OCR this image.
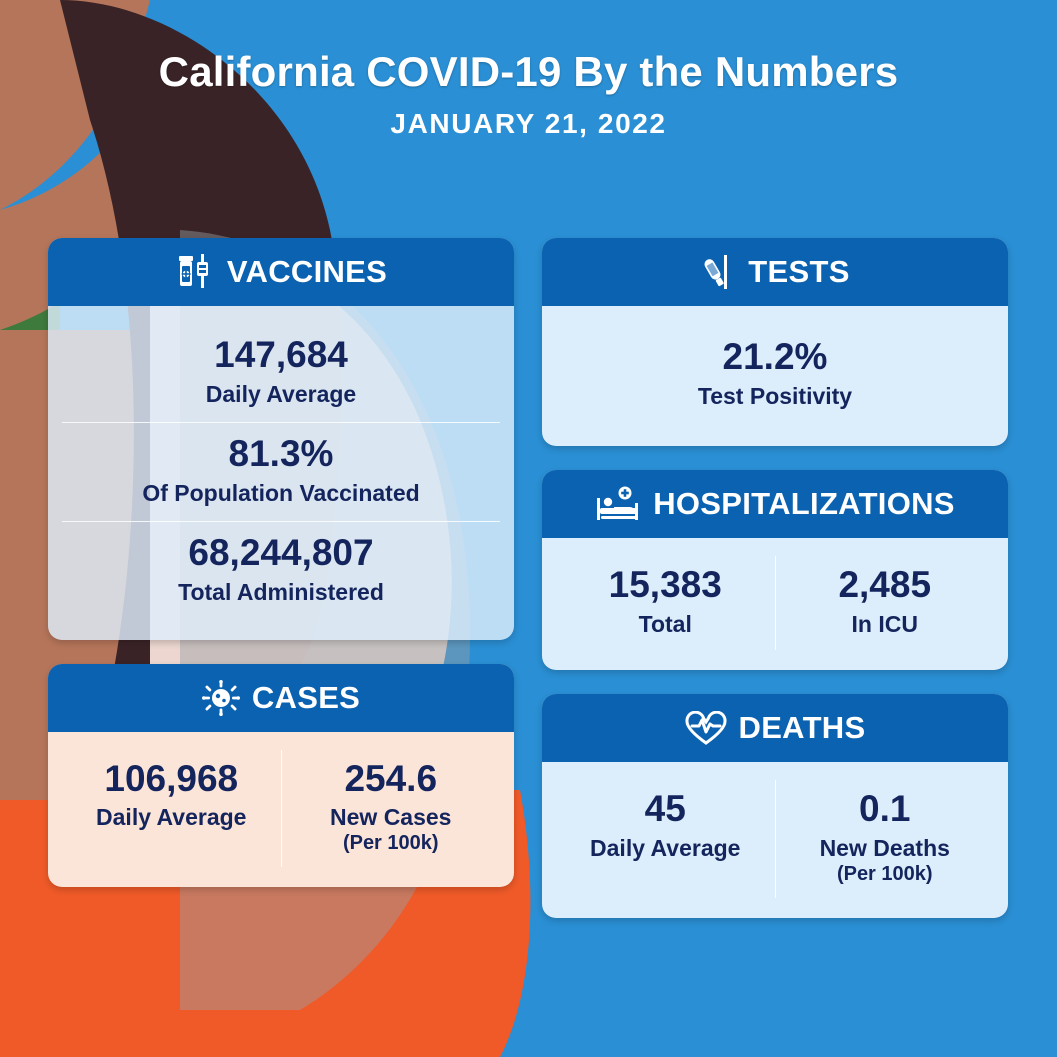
California COVID-19 By the Numbers
JANUARY 21, 2022
VACCINES
147,684
Daily Average
81.3%
Of Population Vaccinated
68,244,807
Total Administered
CASES
106,968
Daily Average
254.6
New Cases
(Per 100k)
TESTS
21.2%
Test Positivity
HOSPITALIZATIONS
15,383
Total
2,485
In ICU
DEATHS
45
Daily Average
0.1
New Deaths
(Per 100k)
